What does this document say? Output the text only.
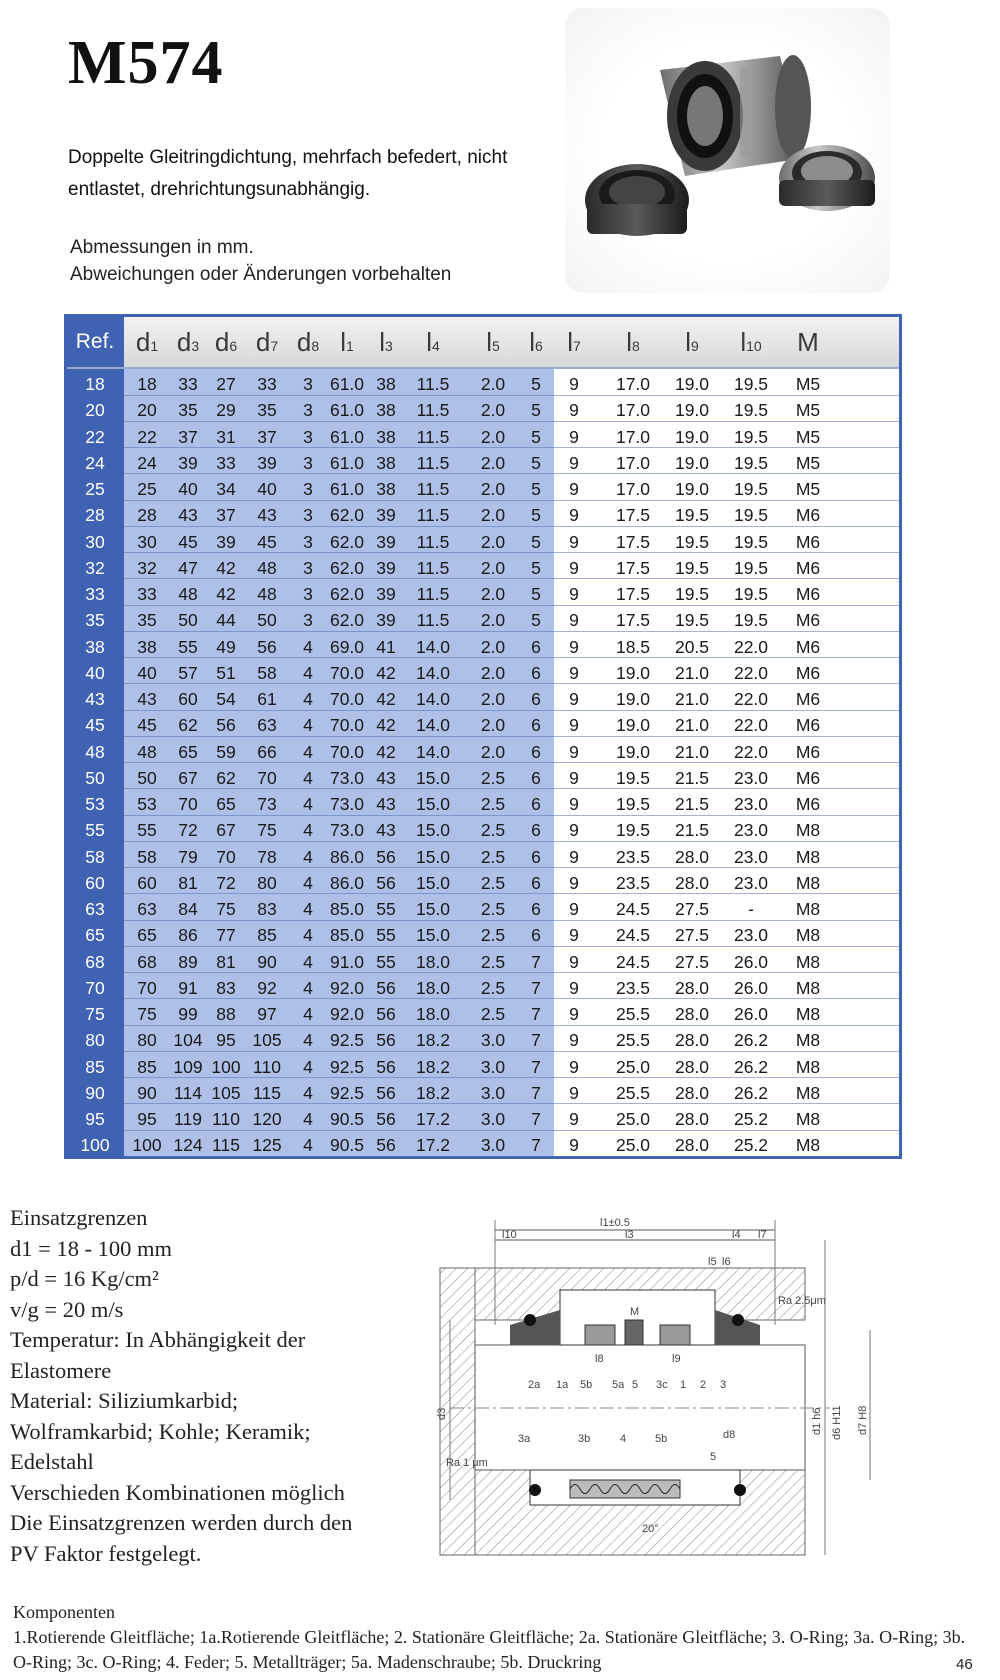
M574

Doppelte Gleitringdichtung, mehrfach befedert, nicht entlastet, drehrichtungsunabhängig.

Abmessungen in mm.
Abweichungen oder Änderungen vorbehalten
Ref. d1 d3 d6 d7 d8 l1 l3	l4	l5	l6 l7	l8	l9	l10	M
18	18	33	27	33	3 61.0 38	11.5	2.0	5	9	17.0	19.0	19.5	M5
20	20	35	29	35	3 61.0 38	11.5	2.0	5	9	17.0	19.0	19.5	M5
22	22	37	31	37	3 61.0 38	11.5	2.0	5	9	17.0	19.0	19.5	M5
24	24	39	33	39	3 61.0 38	11.5	2.0	5	9	17.0	19.0	19.5	M5
25	25	40	34	40	3 61.0 38	11.5	2.0	5	9	17.0	19.0	19.5	M5
28	28	43	37	43	3 62.0 39	11.5	2.0	5	9	17.5	19.5	19.5	M6
30	30	45	39	45	3 62.0 39	11.5	2.0	5	9	17.5	19.5	19.5	M6
32	32	47	42	48	3 62.0 39	11.5	2.0	5	9	17.5	19.5	19.5	M6
33	33	48	42	48	3 62.0 39	11.5	2.0	5	9	17.5	19.5	19.5	M6
35	35	50	44	50	3 62.0 39	11.5	2.0	5	9	17.5	19.5	19.5	M6
38	38	55	49	56	4 69.0 41	14.0	2.0	6	9	18.5	20.5	22.0	M6
40	40	57	51	58	4 70.0 42	14.0	2.0	6	9	19.0	21.0	22.0	M6
43	43	60	54	61	4 70.0 42	14.0	2.0	6	9	19.0	21.0	22.0	M6
45	45	62	56	63	4 70.0 42	14.0	2.0	6	9	19.0	21.0	22.0	M6
48	48	65	59	66	4 70.0 42	14.0	2.0	6	9	19.0	21.0	22.0	M6
50	50	67	62	70	4 73.0 43	15.0	2.5	6	9	19.5	21.5	23.0	M6
53	53	70	65	73	4 73.0 43	15.0	2.5	6	9	19.5	21.5	23.0	M6
55	55	72	67	75	4 73.0 43	15.0	2.5	6	9	19.5	21.5	23.0	M8
58	58	79	70	78	4 86.0 56	15.0	2.5	6	9	23.5	28.0	23.0	M8
60	60	81	72	80	4 86.0 56	15.0	2.5	6	9	23.5	28.0	23.0	M8
63	63	84	75	83	4 85.0 55	15.0	2.5	6	9	24.5	27.5	-	M8
65	65	86	77	85	4 85.0 55	15.0	2.5	6	9	24.5	27.5	23.0	M8
68	68	89	81	90	4 91.0 55	18.0	2.5	7	9	24.5	27.5	26.0	M8
70	70	91	83	92	4 92.0 56	18.0	2.5	7	9	23.5	28.0	26.0	M8
75	75	99	88	97	4 92.0 56	18.0	2.5	7	9	25.5	28.0	26.0	M8
80	80 104 95 105	4 92.5 56	18.2	3.0	7	9	25.5	28.0	26.2	M8
85	85 109 100 110	4 92.5 56	18.2	3.0	7	9	25.0	28.0	26.2	M8
90	90 114 105 115	4 92.5 56	18.2	3.0	7	9	25.5	28.0	26.2	M8
95	95 119 110 120	4 90.5 56	17.2	3.0	7	9	25.0	28.0	25.2	M8
100	100 124 115 125	4 90.5 56	17.2	3.0	7	9	25.0	28.0	25.2	M8
l1±0.5
l10	l3	l4 l7
l5 l6
M
l8	l9
2a 1a 5b 5a 5 3c 1 2 3
3a	3b	4	5b
d3	d1 h6 d6 H11 d7 H8
d8
Ra 2.5μm
Ra 1 μm
20°
5
Einsatzgrenzen
d1 = 18 - 100 mm
p/d = 16 Kg/cm²
v/g = 20 m/s
Temperatur: In Abhängigkeit der
Elastomere
Material: Siliziumkarbid;
Wolframkarbid; Kohle; Keramik;
Edelstahl
Verschieden Kombinationen möglich
Die Einsatzgrenzen werden durch den
PV Faktor festgelegt.
Komponenten
1.Rotierende Gleitfläche; 1a.Rotierende Gleitfläche; 2. Stationäre Gleitfläche; 2a. Stationäre Gleitfläche; 3. O-Ring; 3a. O-Ring; 3b. O-Ring; 3c. O-Ring; 4. Feder; 5. Metallträger; 5a. Madenschraube; 5b. Druckring	46
